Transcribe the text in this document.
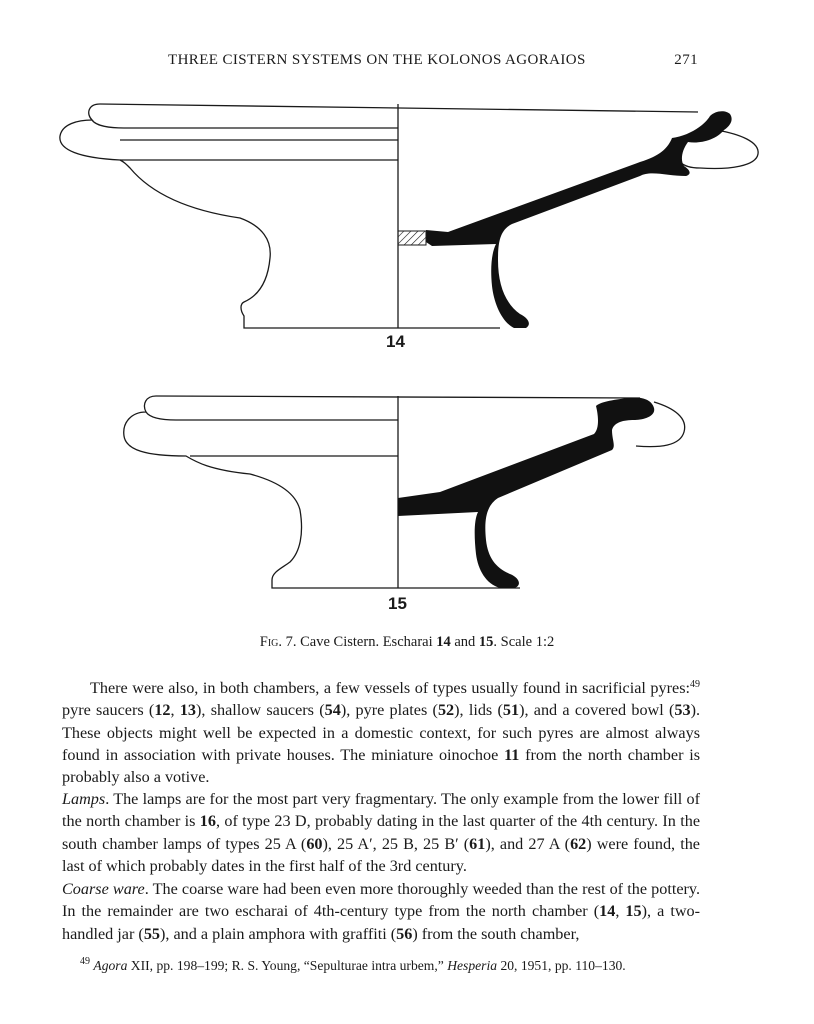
THREE CISTERN SYSTEMS ON THE KOLONOS AGORAIOS	271
14
15
Fig. 7. Cave Cistern. Escharai 14 and 15. Scale 1:2
There were also, in both chambers, a few vessels of types usually found in sacrificial pyres:$^{49}$ pyre saucers (12, 13), shallow saucers (54), pyre plates (52), lids (51), and a covered bowl (53). These objects might well be expected in a domestic context, for such pyres are almost always found in association with private houses. The miniature oinochoe 11 from the north chamber is probably also a votive.
Lamps. The lamps are for the most part very fragmentary. The only example from the lower fill of the north chamber is 16, of type 23 D, probably dating in the last quarter of the 4th century. In the south chamber lamps of types 25 A (60), 25 A′, 25 B, 25 B′ (61), and 27 A (62) were found, the last of which probably dates in the first half of the 3rd century.
Coarse ware. The coarse ware had been even more thoroughly weeded than the rest of the pottery. In the remainder are two escharai of 4th-century type from the north chamber (14, 15), a two-handled jar (55), and a plain amphora with graffiti (56) from the south chamber,
$^{49}$ Agora XII, pp. 198–199; R. S. Young, “Sepulturae intra urbem,” Hesperia 20, 1951, pp. 110–130.
